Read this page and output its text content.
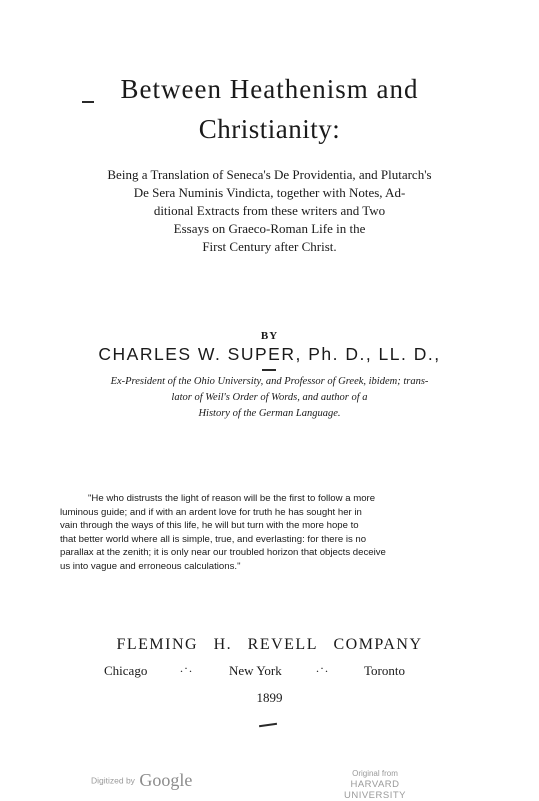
Between Heathenism and
Christianity:
Being a Translation of Seneca's De Providentia, and Plutarch's
De Sera Numinis Vindicta, together with Notes, Ad-
ditional Extracts from these writers and Two
Essays on Graeco-Roman Life in the
First Century after Christ.
BY
CHARLES W. SUPER, Ph. D., LL. D.,
Ex-President of the Ohio University, and Professor of Greek, ibidem; trans-
lator of Weil's Order of Words, and author of a
History of the German Language.
"He who distrusts the light of reason will be the first to follow a more
luminous guide; and if with an ardent love for truth he has sought her in
vain through the ways of this life, he will but turn with the more hope to
that better world where all is simple, true, and everlasting: for there is no
parallax at the zenith; it is only near our troubled horizon that objects deceive
us into vague and erroneous calculations."
FLEMING H. REVELL COMPANY
Chicago	.·.	New York	.·.	Toronto
1899
Digitized by Google	Original from
HARVARD UNIVERSITY
